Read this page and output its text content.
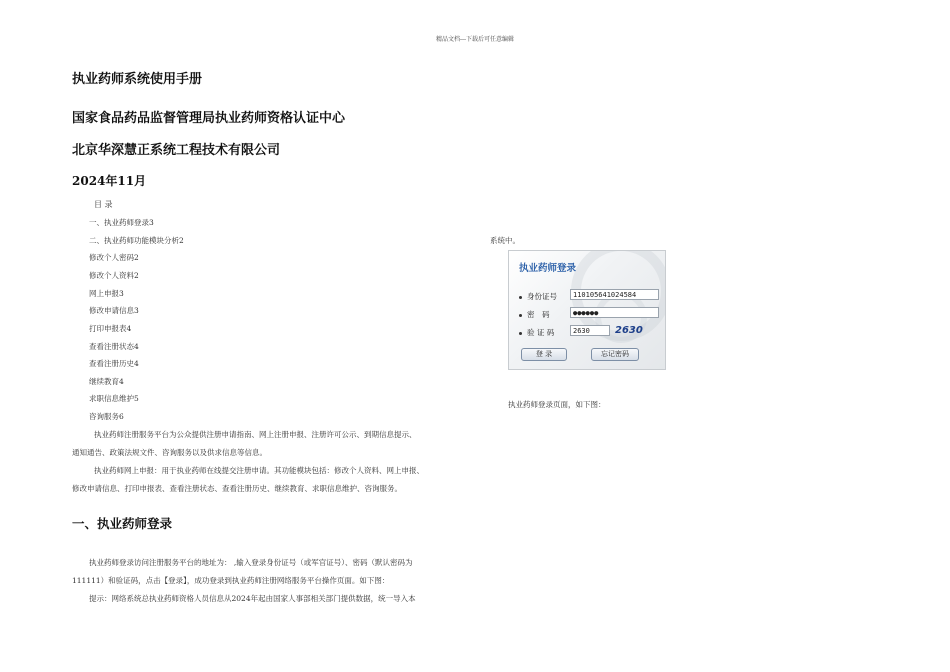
精品文档---下载后可任意编辑
执业药师系统使用手册
国家食品药品监督管理局执业药师资格认证中心
北京华深慧正系统工程技术有限公司
2024年11月
目 录
一、执业药师登录3
二、执业药师功能模块分析2
修改个人密码2
修改个人资料2
网上申报3
修改申请信息3
打印申报表4
查看注册状态4
查看注册历史4
继续教育4
求职信息维护5
咨询服务6
执业药师注册服务平台为公众提供注册申请指南、网上注册申报、注册许可公示、到期信息提示、
通知通告、政策法规文件、咨询服务以及供求信息等信息。
执业药师网上申报：用于执业药师在线提交注册申请。其功能模块包括：修改个人资料、网上申报、
修改申请信息、打印申报表、查看注册状态、查看注册历史、继续教育、求职信息维护、咨询服务。
一、执业药师登录
执业药师登录访问注册服务平台的地址为： ,输入登录身份证号（或军官证号）、密码（默认密码为
111111）和验证码，点击【登录】，成功登录到执业药师注册网络服务平台操作页面。如下图：
提示：网络系统总执业药师资格人员信息从2024年起由国家人事部相关部门提供数据，统一导入本
系统中。
执业药师登录
身份证号	110105641024584
密　码	●●●●●●
验 证 码	2630	2630
登 录	忘记密码
执业药师登录页面，如下图：
